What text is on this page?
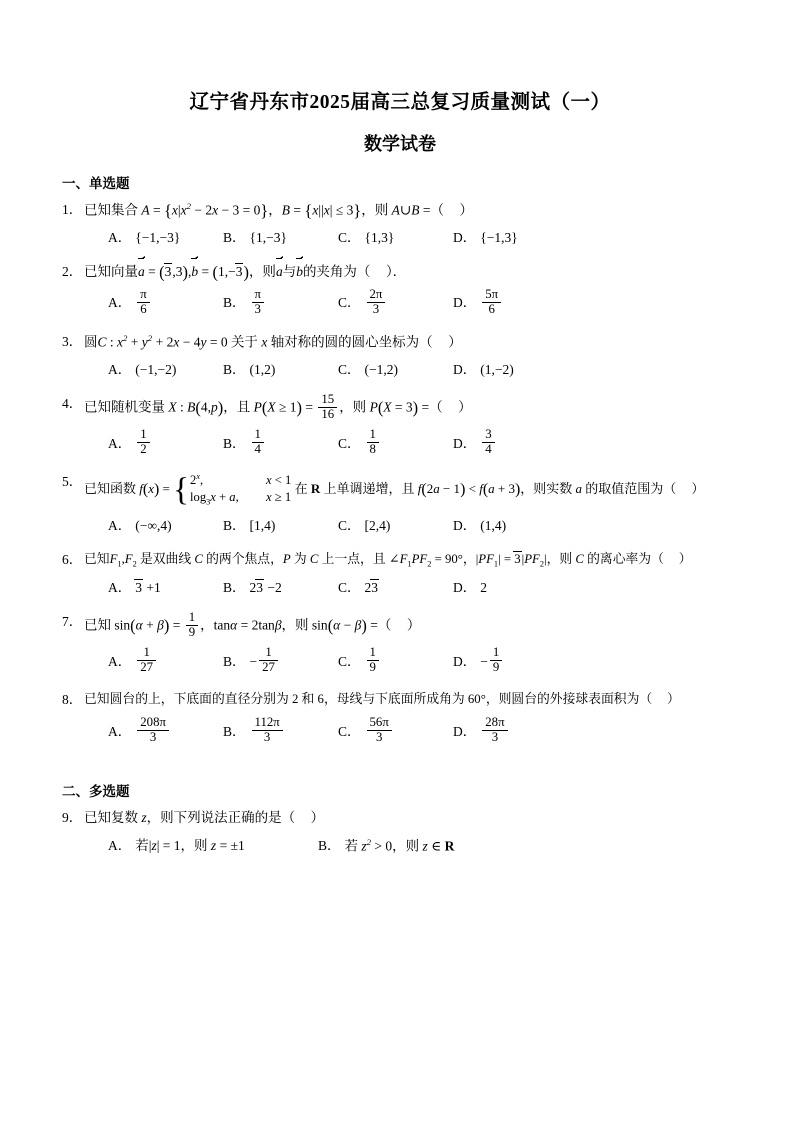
辽宁省丹东市2025届高三总复习质量测试（一）
数学试卷
一、单选题
1． 已知集合 $A = \{x|x^2 - 2x - 3 = 0\}$，B = {x||x| ≤ 3}，则 A∪B =（　 ）
A． {−1,−3}	B． {1,−3}	C． {1,3}	D． {−1,3}
2． 已知向量a = (3,3),b = (1,−3)，则a与b的夹角为（　 ）．
A． $\frac{\pi}{6}$	B． $\frac{\pi}{3}$	C． $\frac{2\pi}{3}$	D． $\frac{5\pi}{6}$
3． 圆C : $x^2 + y^2 + 2x - 4y = 0$ 关于 x 轴对称的圆的圆心坐标为（　 ）
A． (−1,−2)	B． (1,2)	C． (−1,2)	D． (1,−2)
4． 已知随机变量 X : B(4,p)，且 $P(X \ge 1) = \frac{15}{16}$ ，则 P(X = 3) =（　 ）
A． $\frac{1}{2}$	B． $\frac{1}{4}$	C． $\frac{1}{8}$	D． $\frac{3}{4}$
5． 已知函数 f(x) = { 2$^x$,	x < 1
$\log_3x + a$,	x ≥ 1
在 R 上单调递增，且 f(2a − 1) < f(a + 3)，则实数 a 的取值范围为（　 ）
A． (−∞,4)	B． [1,4)	C． [2,4)	D． (1,4)
6． 已知$F_1,F_2$ 是双曲线 C 的两个焦点，P 为 C 上一点，且 $\angle F_1PF_2 = 90^\circ$，$|PF_1| = 3|PF_2|$，则 C 的离心率为（　 ）
A． 3 +1	B． 23 −2	C． 23	D． 2
7． 已知 $\sin(\alpha + \beta) = \frac{1}{9}$ ，tanα = 2tanβ，则 sin(α − β) =（　 ）
A． $\frac{1}{27}$	B． − $\frac{1}{27}$	C． $\frac{1}{9}$	D． − $\frac{1}{9}$
8． 已知圆台的上，下底面的直径分别为 2 和 6，母线与下底面所成角为 60°，则圆台的外接球表面积为（　 ）
A． $\frac{208\pi}{3}$	B． $\frac{112\pi}{3}$	C． $\frac{56\pi}{3}$	D． $\frac{28\pi}{3}$
二、多选题
9． 已知复数 z，则下列说法正确的是（　 ）
A． 若|z| = 1，则 z = ±1	B． 若 $z^2 > 0$，则 z ∈ R
